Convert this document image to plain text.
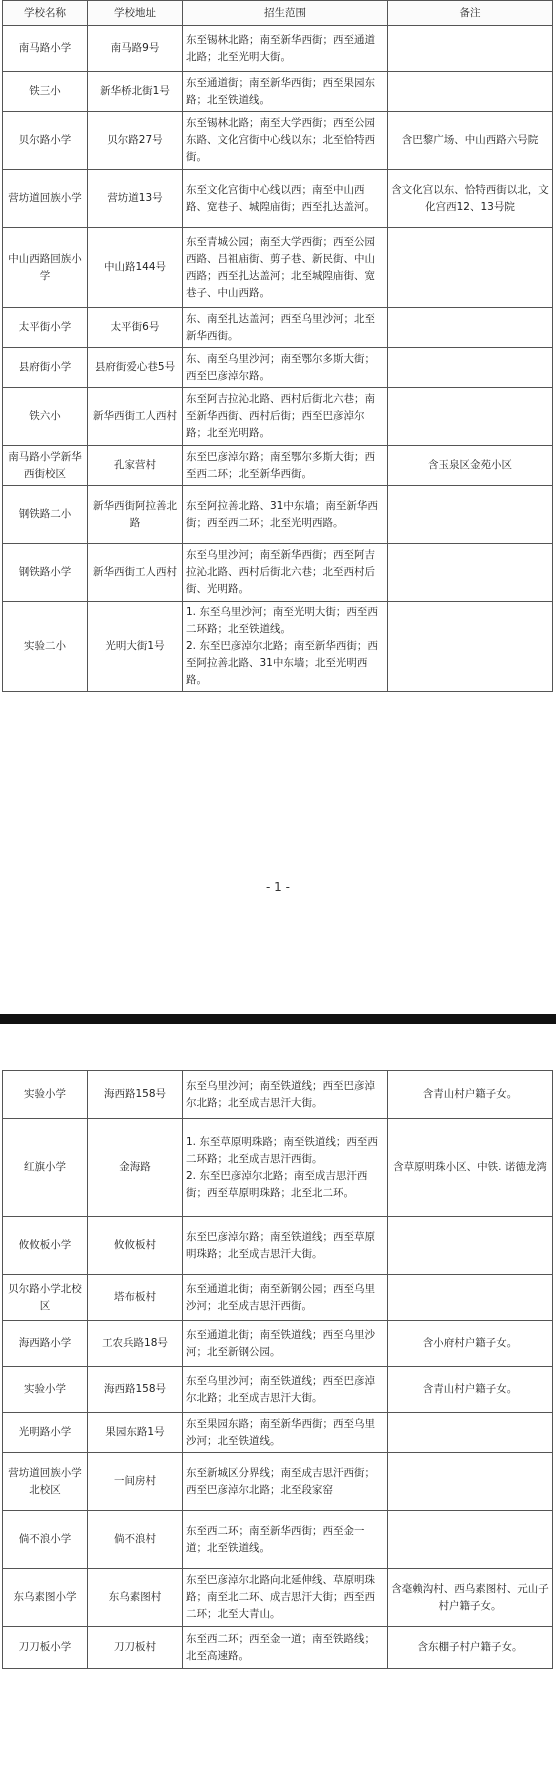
学校名称	学校地址	招生范围	备注
南马路小学	南马路9号	东至锡林北路；南至新华西街；西至通道北路；北至光明大街。	
铁三小	新华桥北街1号	东至通道街；南至新华西街；西至果园东路；北至铁道线。	
贝尔路小学	贝尔路27号	东至锡林北路；南至大学西街；西至公园东路、文化宫街中心线以东；北至恰特西街。	含巴黎广场、中山西路六号院
营坊道回族小学	营坊道13号	东至文化宫街中心线以西；南至中山西路、宽巷子、城隍庙街；西至扎达盖河。	含文化宫以东、恰特西街以北，文化宫西12、13号院
中山西路回族小学	中山路144号	东至青城公园；南至大学西街；西至公园西路、吕祖庙街、剪子巷、新民街、中山西路；西至扎达盖河；北至城隍庙街、宽巷子、中山西路。	
太平街小学	太平街6号	东、南至扎达盖河；西至乌里沙河；北至新华西街。	
县府街小学	县府街爱心巷5号	东、南至乌里沙河；南至鄂尔多斯大街；西至巴彦淖尔路。	
铁六小	新华西街工人西村	东至阿吉拉沁北路、西村后街北六巷；南至新华西街、西村后街；西至巴彦淖尔路；北至光明路。	
南马路小学新华西街校区	孔家营村	东至巴彦淖尔路；南至鄂尔多斯大街；西至西二环；北至新华西街。	含玉泉区金苑小区
钢铁路二小	新华西街阿拉善北路	东至阿拉善北路、31中东墙；南至新华西街；西至西二环；北至光明西路。	
钢铁路小学	新华西街工人西村	东至乌里沙河；南至新华西街；西至阿吉拉沁北路、西村后街北六巷；北至西村后街、光明路。	
实验二小	光明大街1号	1. 东至乌里沙河；南至光明大街；西至西二环路；北至铁道线。
2. 东至巴彦淖尔北路；南至新华西街；西至阿拉善北路、31中东墙；北至光明西路。	
- 1 -
实验小学	海西路158号	东至乌里沙河；南至铁道线；西至巴彦淖尔北路；北至成吉思汗大街。	含青山村户籍子女。
红旗小学	金海路	1. 东至草原明珠路；南至铁道线；西至西二环路；北至成吉思汗西街。
2. 东至巴彦淖尔北路；南至成吉思汗西街；西至草原明珠路；北至北二环。	含草原明珠小区、中铁. 诺德龙湾
攸攸板小学	攸攸板村	东至巴彦淖尔路；南至铁道线；西至草原明珠路；北至成吉思汗大街。	
贝尔路小学北校区	塔布板村	东至通道北街；南至新钢公园；西至乌里沙河；北至成吉思汗西街。	
海西路小学	工农兵路18号	东至通道北街；南至铁道线；西至乌里沙河；北至新钢公园。	含小府村户籍子女。
实验小学	海西路158号	东至乌里沙河；南至铁道线；西至巴彦淖尔北路；北至成吉思汗大街。	含青山村户籍子女。
光明路小学	果园东路1号	东至果园东路；南至新华西街；西至乌里沙河；北至铁道线。	
营坊道回族小学北校区	一间房村	东至新城区分界线；南至成吉思汗西街；西至巴彦淖尔北路；北至段家窑	
倘不浪小学	倘不浪村	东至西二环；南至新华西街；西至金一道；北至铁道线。	
东乌素图小学	东乌素图村	东至巴彦淖尔北路向北延伸线、草原明珠路；南至北二环、成吉思汗大街；西至西二环；北至大青山。	含毫赖沟村、西乌素图村、元山子村户籍子女。
刀刀板小学	刀刀板村	东至西二环；西至金一道；南至铁路线；北至高速路。	含东棚子村户籍子女。
